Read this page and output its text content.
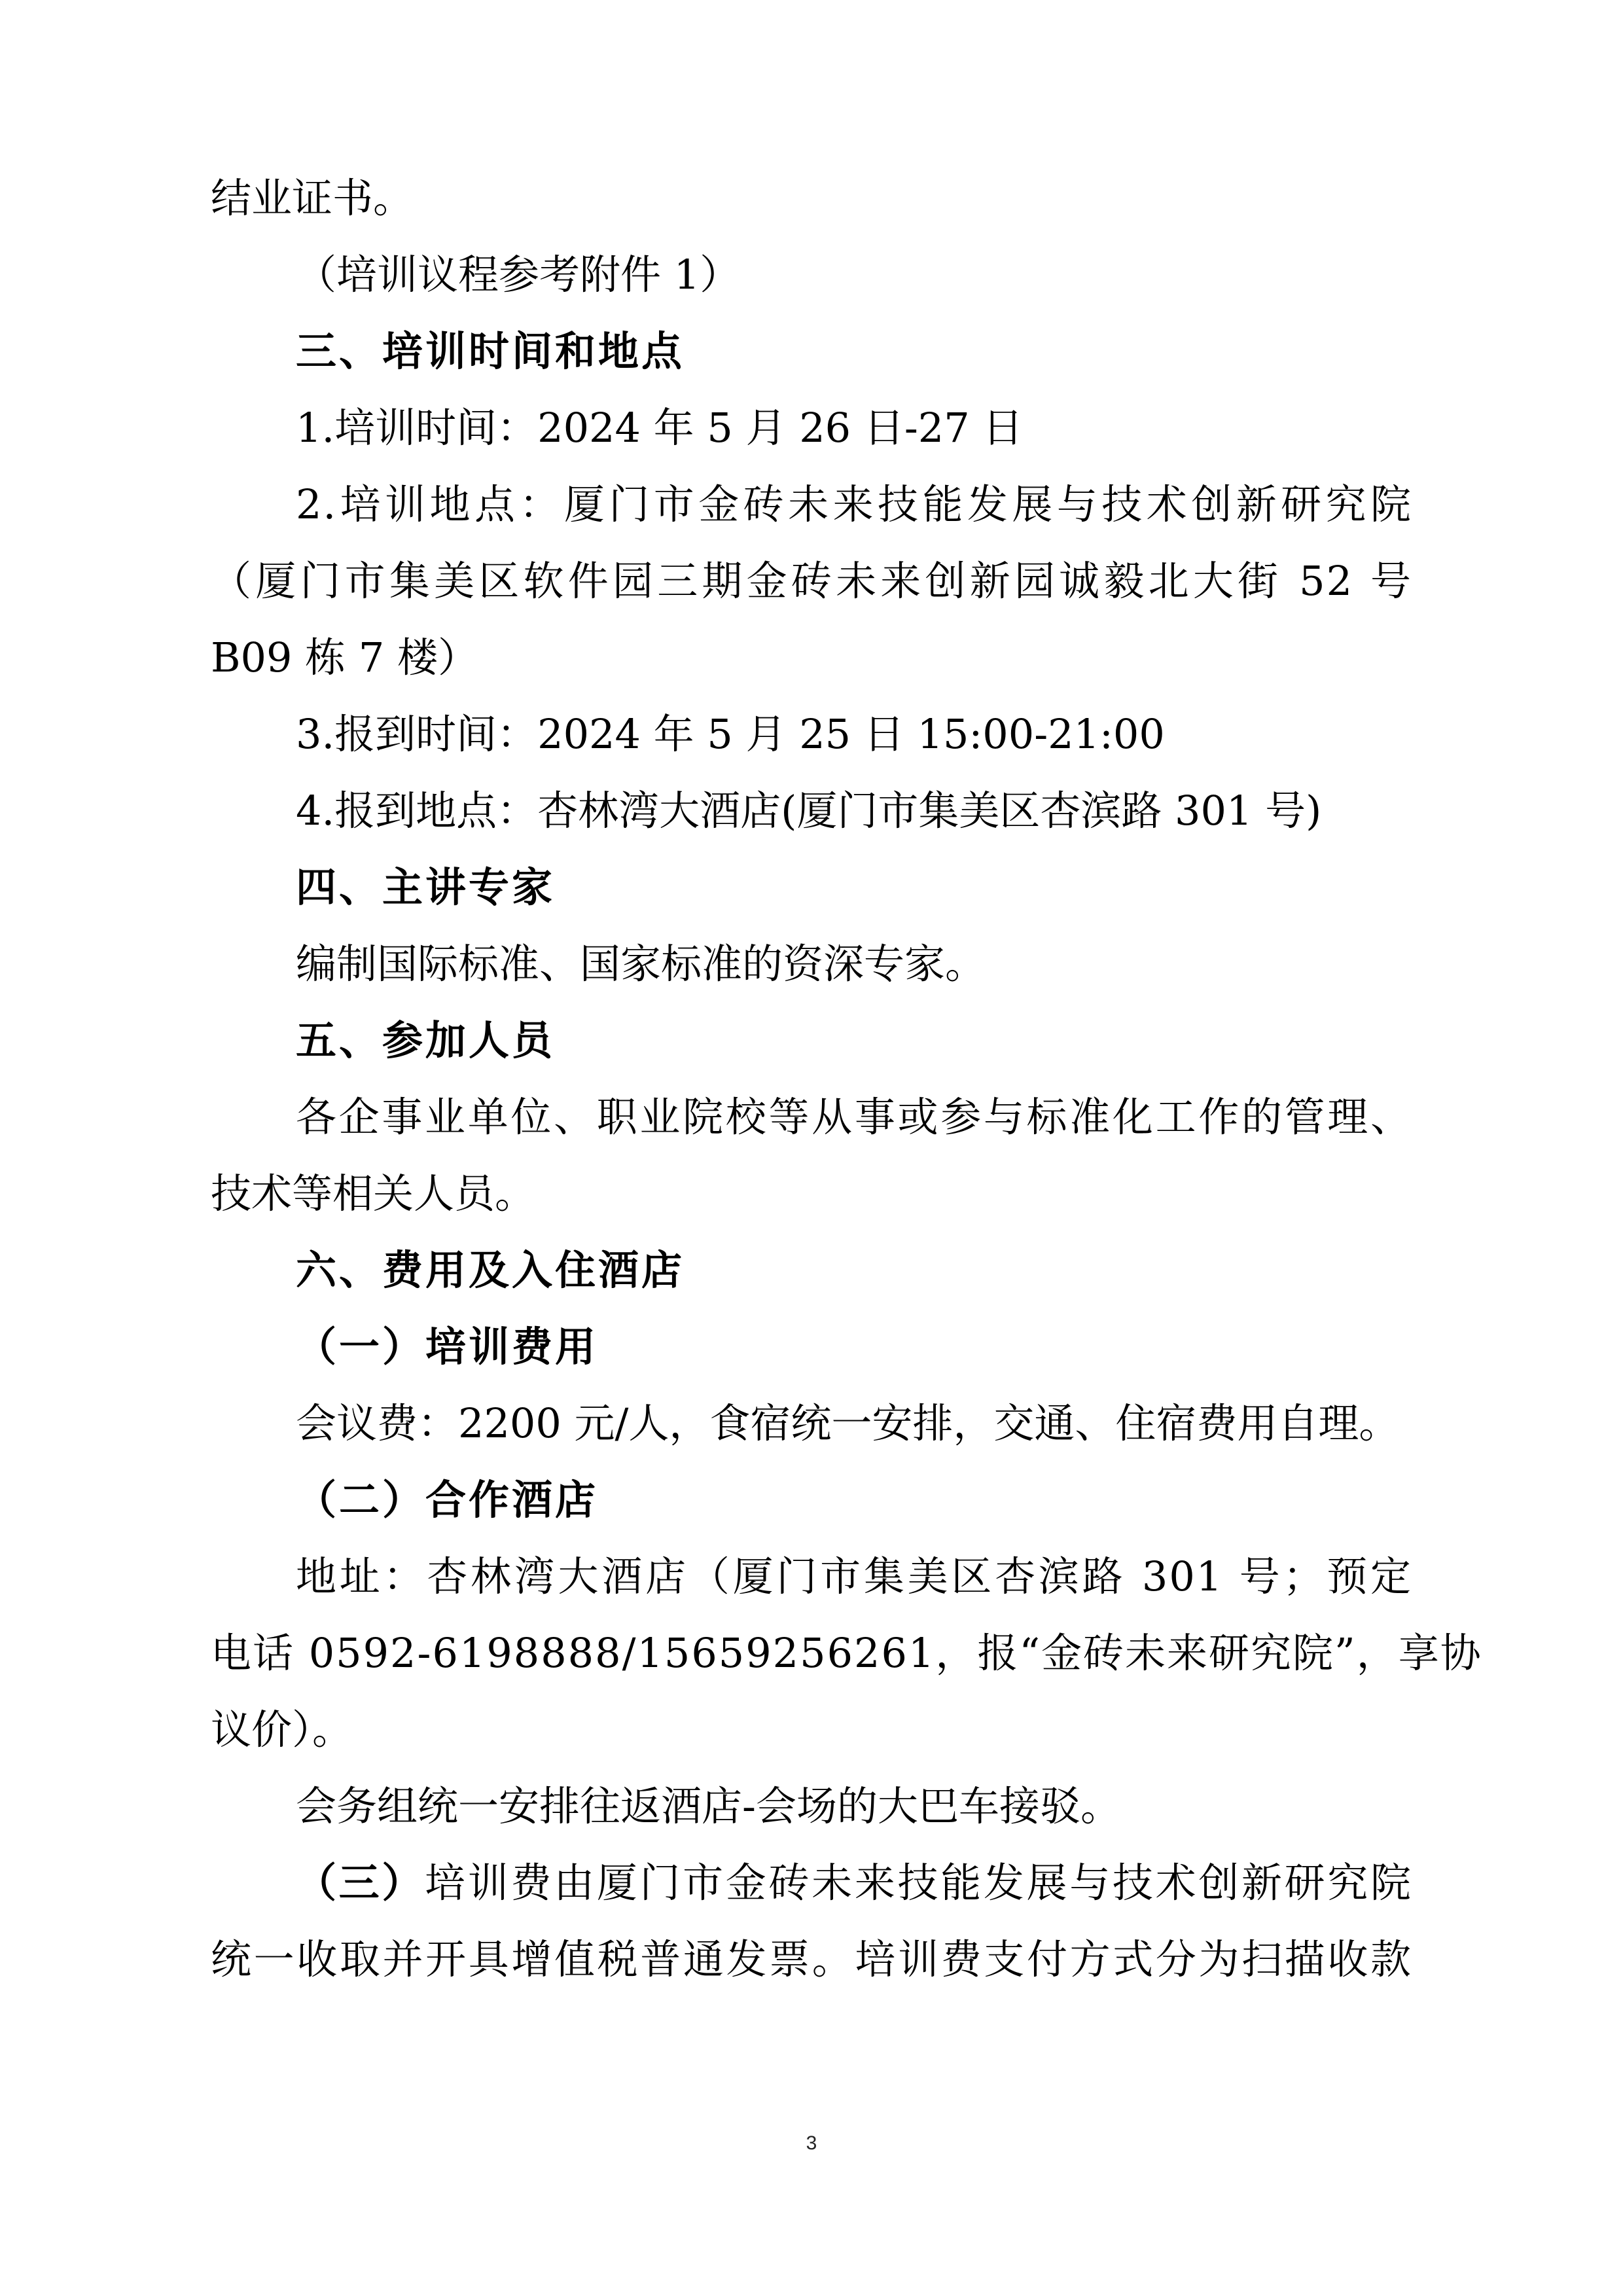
结业证书。
（培训议程参考附件 1）
三、培训时间和地点
1.培训时间：2024 年 5 月 26 日-27 日
2.培训地点：厦门市金砖未来技能发展与技术创新研究院
（厦门市集美区软件园三期金砖未来创新园诚毅北大街 52 号
B09 栋 7 楼）
3.报到时间：2024 年 5 月 25 日 15:00-21:00
4.报到地点：杏林湾大酒店(厦门市集美区杏滨路 301 号)
四、主讲专家
编制国际标准、国家标准的资深专家。
五、参加人员
各企事业单位、职业院校等从事或参与标准化工作的管理、
技术等相关人员。
六、费用及入住酒店
（一）培训费用
会议费：2200 元/人，食宿统一安排，交通、住宿费用自理。
（二）合作酒店
地址：杏林湾大酒店（厦门市集美区杏滨路 301 号；预定
电话 0592-6198888/15659256261，报“金砖未来研究院”，享协
议价）。
会务组统一安排往返酒店-会场的大巴车接驳。
（三）培训费由厦门市金砖未来技能发展与技术创新研究院
统一收取并开具增值税普通发票。培训费支付方式分为扫描收款
3
